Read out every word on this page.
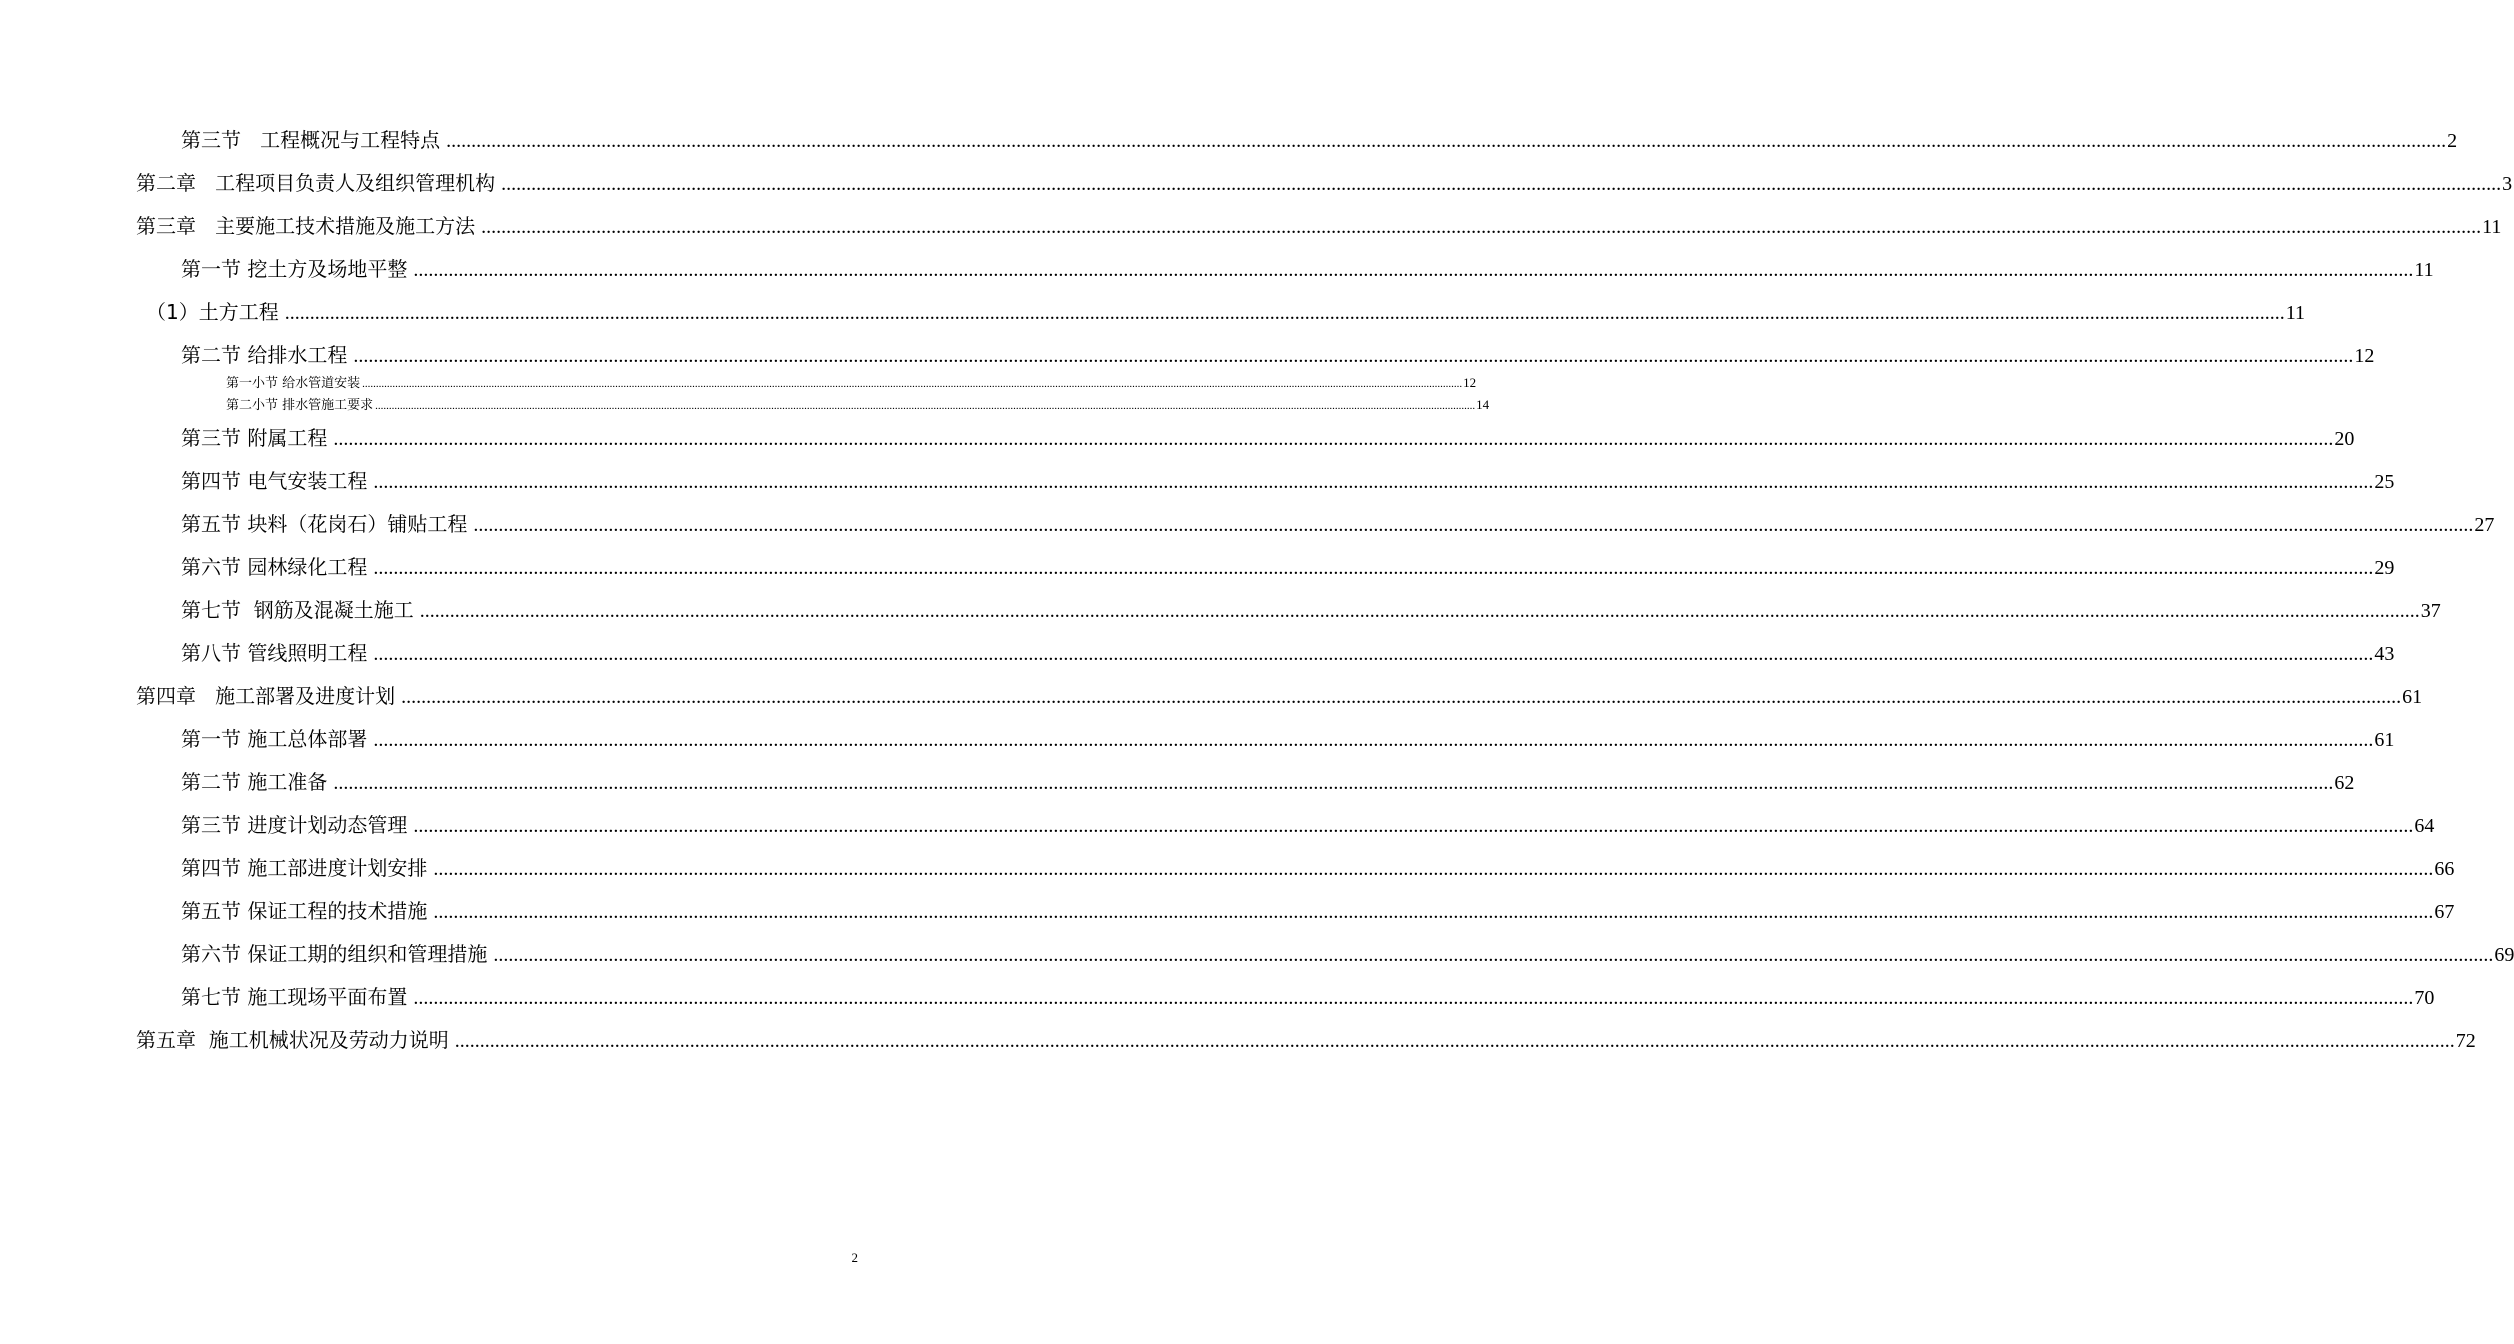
第三节   工程概况与工程特点 ................................................................................................................................................................................................................................................................................................................................................................................................................ 2
第二章   工程项目负责人及组织管理机构 ................................................................................................................................................................................................................................................................................................................................................................................................................ 3
第三章   主要施工技术措施及施工方法 ................................................................................................................................................................................................................................................................................................................................................................................................................ 11
第一节 挖土方及场地平整 ................................................................................................................................................................................................................................................................................................................................................................................................................ 11
（1）土方工程 ................................................................................................................................................................................................................................................................................................................................................................................................................ 11
第二节 给排水工程 ................................................................................................................................................................................................................................................................................................................................................................................................................ 12
第一小节 给水管道安装 ................................................................................................................................................................................................................................................................................................................................................................................................................ 12
第二小节 排水管施工要求 ................................................................................................................................................................................................................................................................................................................................................................................................................ 14
第三节 附属工程 ................................................................................................................................................................................................................................................................................................................................................................................................................ 20
第四节 电气安装工程 ................................................................................................................................................................................................................................................................................................................................................................................................................ 25
第五节 块料（花岗石）铺贴工程 ................................................................................................................................................................................................................................................................................................................................................................................................................ 27
第六节 园林绿化工程 ................................................................................................................................................................................................................................................................................................................................................................................................................ 29
第七节  钢筋及混凝土施工 ................................................................................................................................................................................................................................................................................................................................................................................................................ 37
第八节 管线照明工程 ................................................................................................................................................................................................................................................................................................................................................................................................................ 43
第四章   施工部署及进度计划 ................................................................................................................................................................................................................................................................................................................................................................................................................ 61
第一节 施工总体部署 ................................................................................................................................................................................................................................................................................................................................................................................................................ 61
第二节 施工准备 ................................................................................................................................................................................................................................................................................................................................................................................................................ 62
第三节 进度计划动态管理 ................................................................................................................................................................................................................................................................................................................................................................................................................ 64
第四节 施工部进度计划安排 ................................................................................................................................................................................................................................................................................................................................................................................................................ 66
第五节 保证工程的技术措施 ................................................................................................................................................................................................................................................................................................................................................................................................................ 67
第六节 保证工期的组织和管理措施 ................................................................................................................................................................................................................................................................................................................................................................................................................ 69
第七节 施工现场平面布置 ................................................................................................................................................................................................................................................................................................................................................................................................................ 70
第五章  施工机械状况及劳动力说明 ................................................................................................................................................................................................................................................................................................................................................................................................................ 72
2
